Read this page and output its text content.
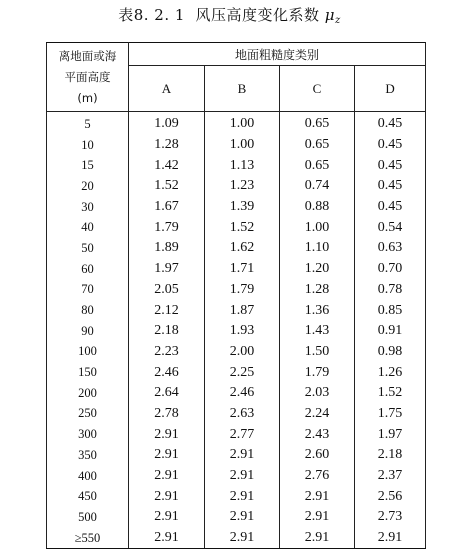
表8. 2. 1 风压高度变化系数 $\mu_z$
离地面或海
平面高度
(m)	地面粗糙度类别			
	A	B	C	D
5	1.09	1.00	0.65	0.45
10	1.28	1.00	0.65	0.45
15	1.42	1.13	0.65	0.45
20	1.52	1.23	0.74	0.45
30	1.67	1.39	0.88	0.45
40	1.79	1.52	1.00	0.54
50	1.89	1.62	1.10	0.63
60	1.97	1.71	1.20	0.70
70	2.05	1.79	1.28	0.78
80	2.12	1.87	1.36	0.85
90	2.18	1.93	1.43	0.91
100	2.23	2.00	1.50	0.98
150	2.46	2.25	1.79	1.26
200	2.64	2.46	2.03	1.52
250	2.78	2.63	2.24	1.75
300	2.91	2.77	2.43	1.97
350	2.91	2.91	2.60	2.18
400	2.91	2.91	2.76	2.37
450	2.91	2.91	2.91	2.56
500	2.91	2.91	2.91	2.73
≥550	2.91	2.91	2.91	2.91
